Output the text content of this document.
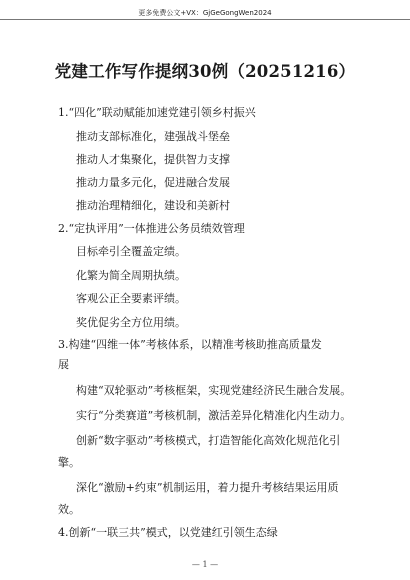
更多免费公文+VX：GjGeGongWen2024
党建工作写作提纲30例（20251216）
1.“四化”联动赋能加速党建引领乡村振兴
推动支部标准化，建强战斗堡垒
推动人才集聚化，提供智力支撑
推动力量多元化，促进融合发展
推动治理精细化，建设和美新村
2.“定执评用”一体推进公务员绩效管理
目标牵引全覆盖定绩。
化繁为简全周期执绩。
客观公正全要素评绩。
奖优促劣全方位用绩。
3.构建“四维一体”考核体系，以精准考核助推高质量发
展
构建“双轮驱动”考核框架，实现党建经济民生融合发展。
实行“分类赛道”考核机制，激活差异化精准化内生动力。
创新“数字驱动”考核模式，打造智能化高效化规范化引
擎。
深化“激励+约束”机制运用，着力提升考核结果运用质
效。
4.创新“一联三共”模式，以党建红引领生态绿
— 1 —
